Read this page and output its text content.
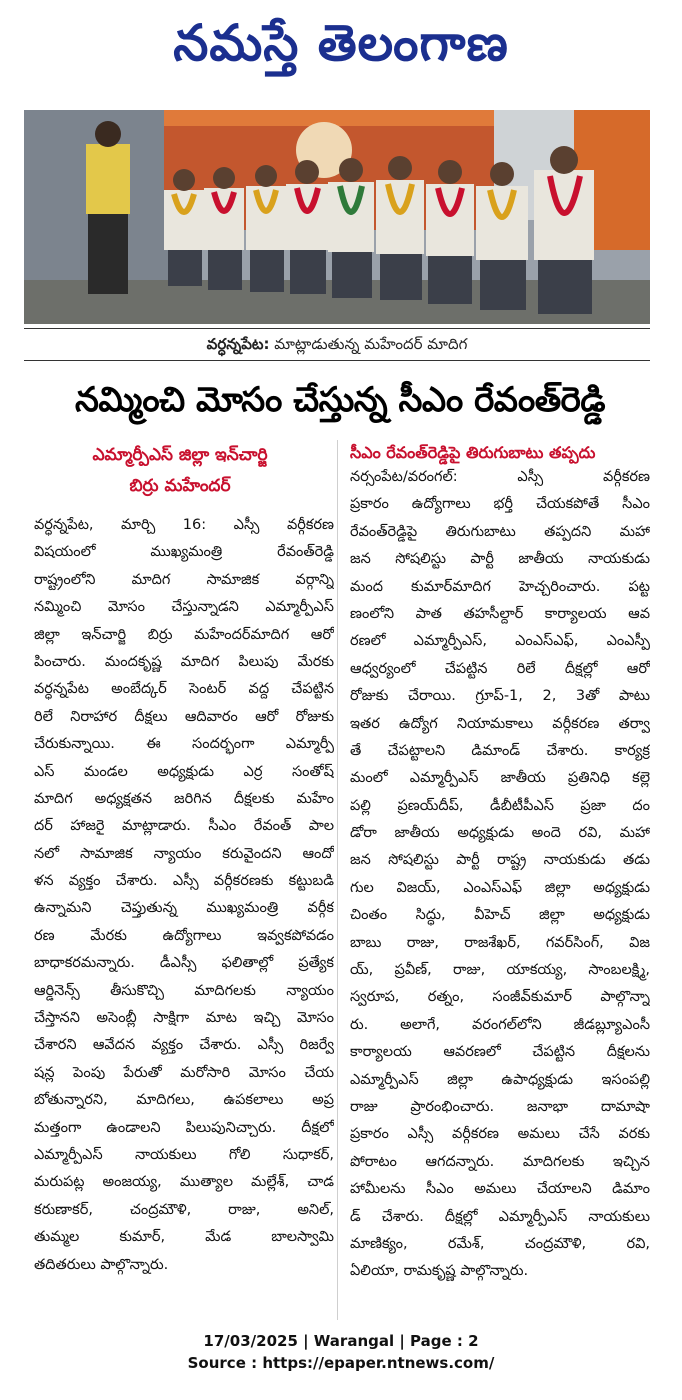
నమస్తే తెలంగాణ
వర్ధన్నపేట: మాట్లాడుతున్న మహేందర్ మాదిగ
నమ్మించి మోసం చేస్తున్న సీఎం రేవంత్‌రెడ్డి
ఎమ్మార్పీఎస్ జిల్లా ఇన్‌చార్జి
బిర్రు మహేందర్
సీఎం రేవంత్‌రెడ్డిపై తిరుగుబాటు తప్పదు
వర్ధన్నపేట, మార్చి 16: ఎస్సీ వర్గీకరణ
విషయంలో ముఖ్యమంత్రి రేవంత్‌రెడ్డి
రాష్ట్రంలోని మాదిగ సామాజిక వర్గాన్ని
నమ్మించి మోసం చేస్తున్నాడని ఎమ్మార్పీఎస్
జిల్లా ఇన్‌చార్జి బిర్రు మహేందర్‌మాదిగ ఆరో
పించారు. మందకృష్ణ మాదిగ పిలుపు మేరకు
వర్ధన్నపేట అంబేద్కర్ సెంటర్ వద్ద చేపట్టిన
రిలే నిరాహార దీక్షలు ఆదివారం ఆరో రోజుకు
చేరుకున్నాయి. ఈ సందర్భంగా ఎమ్మార్పీ
ఎస్ మండల అధ్యక్షుడు ఎర్ర సంతోష్
మాదిగ అధ్యక్షతన జరిగిన దీక్షలకు మహేం
దర్ హాజరై మాట్లాడారు. సీఎం రేవంత్ పాల
నలో సామాజిక న్యాయం కరువైందని ఆందో
ళన వ్యక్తం చేశారు. ఎస్సీ వర్గీకరణకు కట్టుబడి
ఉన్నామని చెప్తుతున్న ముఖ్యమంత్రి వర్గీక
రణ మేరకు ఉద్యోగాలు ఇవ్వకపోవడం
బాధాకరమన్నారు. డీఎస్సీ ఫలితాల్లో ప్రత్యేక
ఆర్డినెన్స్ తీసుకొచ్చి మాదిగలకు న్యాయం
చేస్తానని అసెంబ్లీ సాక్షిగా మాట ఇచ్చి మోసం
చేశారని ఆవేదన వ్యక్తం చేశారు. ఎస్సీ రిజర్వే
షన్ల పెంపు పేరుతో మరోసారి మోసం చేయ
బోతున్నారని, మాదిగలు, ఉపకలాలు అప్ర
మత్తంగా ఉండాలని పిలుపునిచ్చారు. దీక్షలో
ఎమ్మార్పీఎస్ నాయకులు గోలి సుధాకర్,
మరుపట్ల అంజయ్య, ముత్యాల మల్లేశ్, చాడ
కరుణాకర్, చంద్రమౌళి, రాజు, అనిల్,
తుమ్మల కుమార్, మేడ బాలస్వామి
తదితరులు పాల్గొన్నారు.
నర్సంపేట/వరంగల్: ఎస్సీ వర్గీకరణ
ప్రకారం ఉద్యోగాలు భర్తీ చేయకపోతే సీఎం
రేవంత్‌రెడ్డిపై తిరుగుబాటు తప్పదని మహా
జన సోషలిస్టు పార్టీ జాతీయ నాయకుడు
మంద కుమార్‌మాదిగ హెచ్చరించారు. పట్ట
ణంలోని పాత తహసీల్దార్ కార్యాలయ ఆవ
రణలో ఎమ్మార్పీఎస్, ఎంఎస్‌ఎఫ్, ఎంఎస్పీ
ఆధ్వర్యంలో చేపట్టిన రిలే దీక్షల్లో ఆరో
రోజుకు చేరాయి. గ్రూప్-1, 2, 3తో పాటు
ఇతర ఉద్యోగ నియామకాలు వర్గీకరణ తర్వా
తే చేపట్టాలని డిమాండ్ చేశారు. కార్యక్ర
మంలో ఎమ్మార్పీఎస్ జాతీయ ప్రతినిధి కల్లె
పల్లి ప్రణయ్‌దీప్, డీబీటీపీఎస్ ప్రజా దం
డోరా జాతీయ అధ్యక్షుడు అందె రవి, మహా
జన సోషలిస్టు పార్టీ రాష్ట్ర నాయకుడు తడు
గుల విజయ్, ఎంఎస్‌ఎఫ్ జిల్లా అధ్యక్షుడు
చింతం సిద్ధు, వీహెచ్ జిల్లా అధ్యక్షుడు
బాబు రాజు, రాజశేఖర్, గవర్‌సింగ్, విజ
య్, ప్రవీణ్, రాజు, యాకయ్య, సాంబలక్ష్మి,
స్వరూప, రత్నం, సంజీవ్‌కుమార్ పాల్గొన్నా
రు. అలాగే, వరంగల్‌లోని జీడబ్ల్యూఎంసీ
కార్యాలయ ఆవరణలో చేపట్టిన దీక్షలను
ఎమ్మార్పీఎస్ జిల్లా ఉపాధ్యక్షుడు ఇసంపల్లి
రాజు ప్రారంభించారు. జనాభా దామాషా
ప్రకారం ఎస్సీ వర్గీకరణ అమలు చేసే వరకు
పోరాటం ఆగదన్నారు. మాదిగలకు ఇచ్చిన
హామీలను సీఎం అమలు చేయాలని డిమాం
డ్ చేశారు. దీక్షల్లో ఎమ్మార్పీఎస్ నాయకులు
మాణిక్యం, రమేశ్, చంద్రమౌళి, రవి,
ఏలియా, రామకృష్ణ పాల్గొన్నారు.
17/03/2025 | Warangal | Page : 2
Source : https://epaper.ntnews.com/
